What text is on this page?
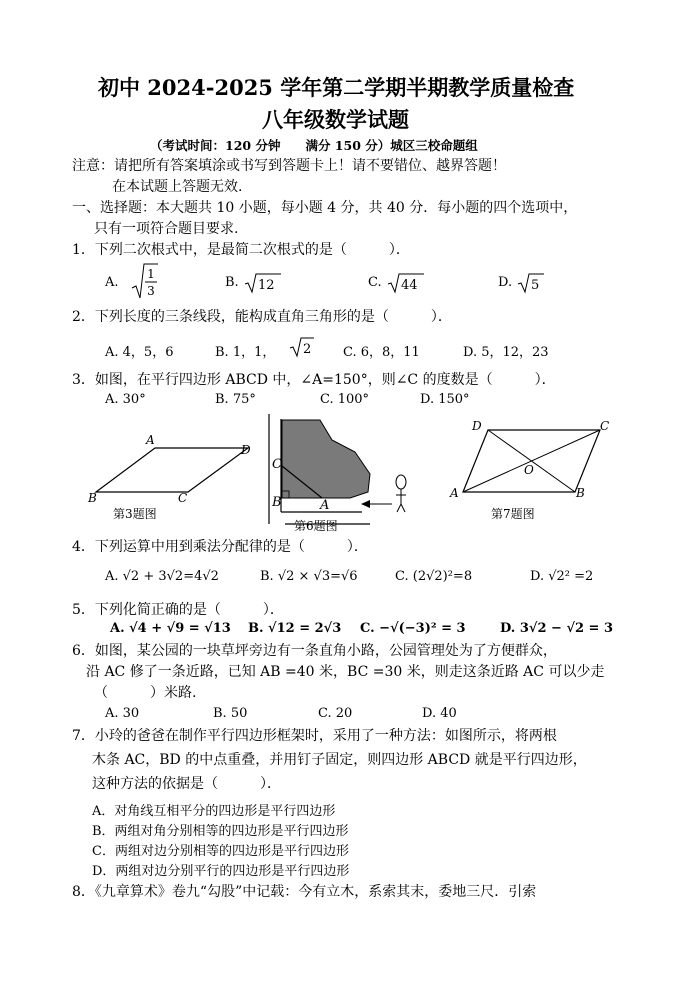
初中 2024-2025 学年第二学期半期教学质量检查
八年级数学试题
（考试时间：120 分钟　　满分 150 分）城区三校命题组
注意：请把所有答案填涂或书写到答题卡上！请不要错位、越界答题！
在本试题上答题无效.
一、选择题：本大题共 10 小题，每小题 4 分，共 40 分．每小题的四个选项中，
只有一项符合题目要求.
1．下列二次根式中，是最简二次根式的是（　　　）．
A.
1
3
B. 12	C. 44	D. 5
2．下列长度的三条线段，能构成直角三角形的是（　　　）．
A. 4，5，6	B. 1，1， 2 C. 6，8，11	D. 5，12，23
3．如图，在平行四边形 ABCD 中，∠A=150°，则∠C 的度数是（　　　）．
A. 30°	B. 75°	C. 100°	D. 150°
A
D
B	C
第3题图
C
B	A
第6题图
D	C
A	B
O
第7题图
4．下列运算中用到乘法分配律的是（　　　）．
A. √2 + 3√2=4√2	B. √2 × √3=√6	C. (2√2)²=8	D. √2² =2
5．下列化简正确的是（　　　）．
A. √4 + √9 = √13 B. √12 = 2√3 C. −√(−3)² = 3	D. 3√2 − √2 = 3
6．如图，某公园的一块草坪旁边有一条直角小路，公园管理处为了方便群众，
沿 AC 修了一条近路，已知 AB =40 米，BC =30 米，则走这条近路 AC 可以少走
（　　　）米路.
A. 30	B. 50	C. 20	D. 40
7．小玲的爸爸在制作平行四边形框架时，采用了一种方法：如图所示，将两根
木条 AC，BD 的中点重叠，并用钉子固定，则四边形 ABCD 就是平行四边形，
这种方法的依据是（　　　）．
A．对角线互相平分的四边形是平行四边形
B．两组对角分别相等的四边形是平行四边形
C．两组对边分别相等的四边形是平行四边形
D．两组对边分别平行的四边形是平行四边形
8．《九章算术》卷九“勾股”中记载：今有立木，系索其末，委地三尺．引索
